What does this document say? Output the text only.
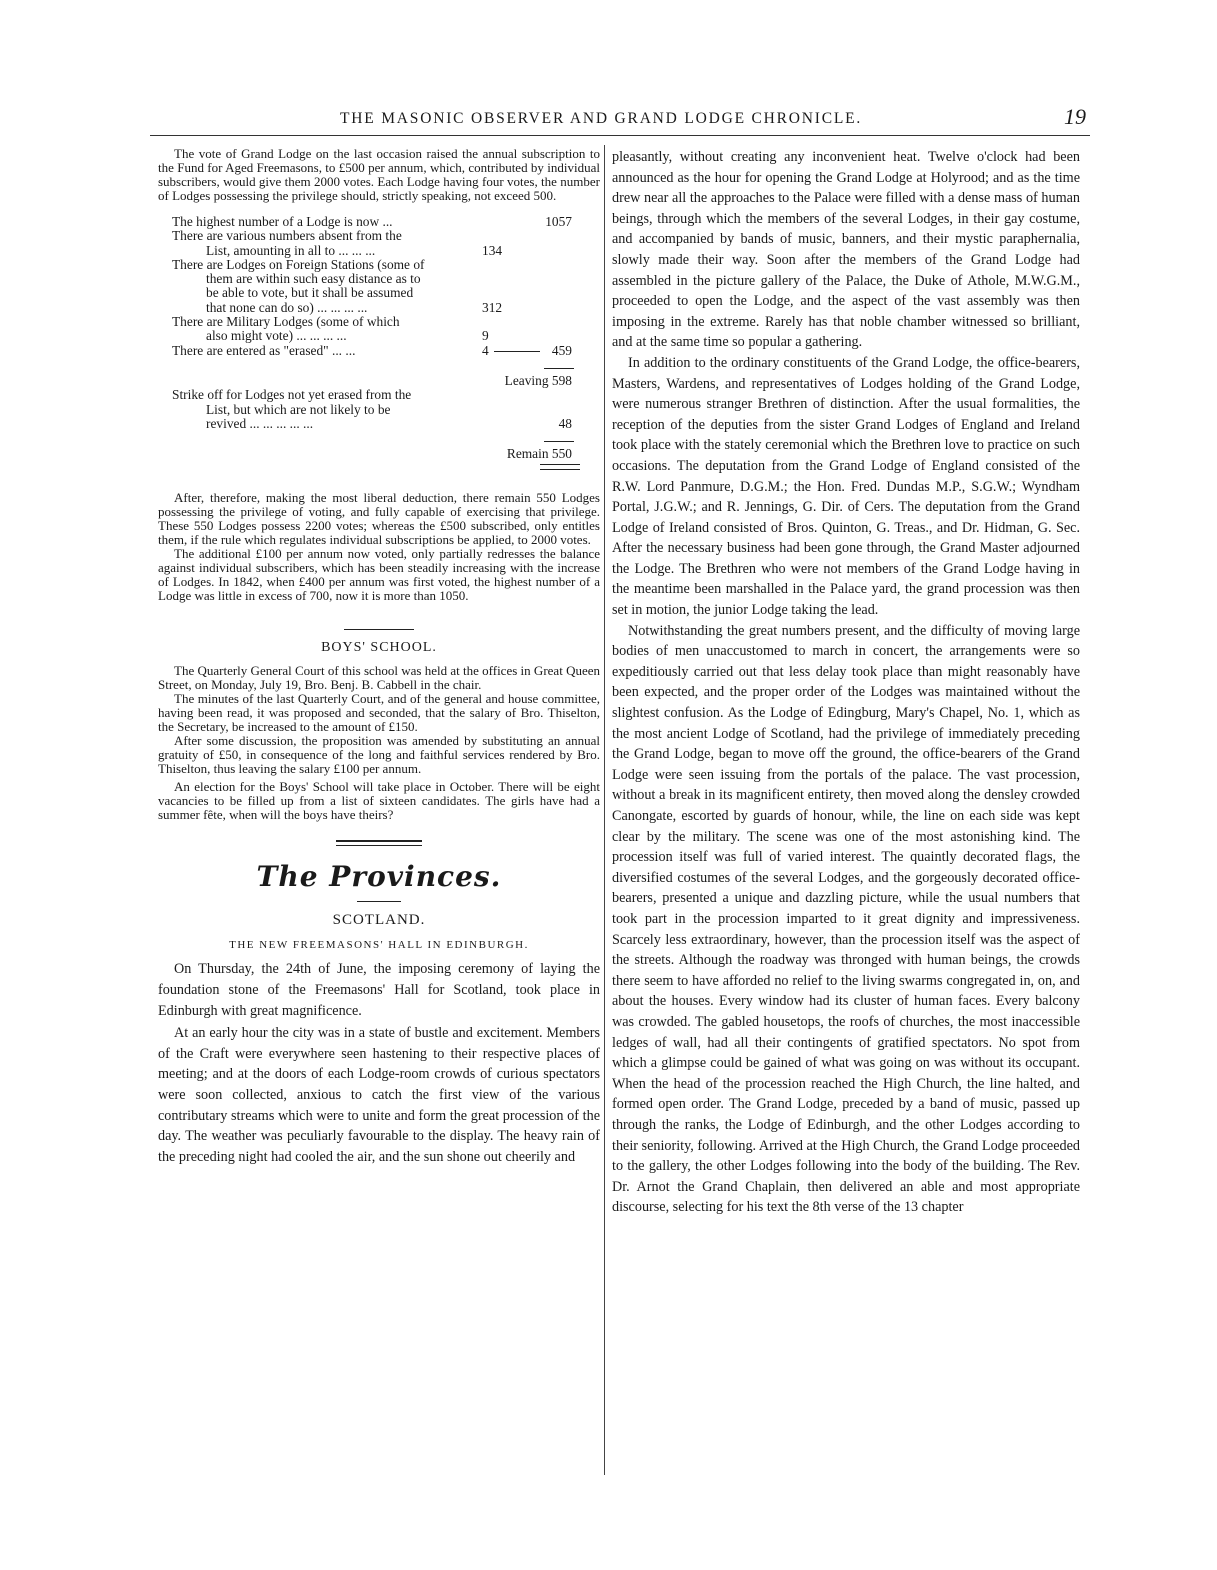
THE MASONIC OBSERVER AND GRAND LODGE CHRONICLE.	19

The vote of Grand Lodge on the last occasion raised the annual subscription to the Fund for Aged Freemasons, to £500 per annum, which, contributed by individual subscribers, would give them 2000 votes. Each Lodge having four votes, the number of Lodges possessing the privilege should, strictly speaking, not exceed 500.

The highest number of a Lodge is now ...	1057
There are various numbers absent from the
List, amounting in all to ... ... ...	134
There are Lodges on Foreign Stations (some of
them are within such easy distance as to
be able to vote, but it shall be assumed
that none can do so) ... ... ... ...	312
There are Military Lodges (some of which
also might vote) ... ... ... ...	9
There are entered as "erased" ... ...	4	459
Leaving 598
Strike off for Lodges not yet erased from the
List, but which are not likely to be
revived ... ... ... ... ...	48
Remain 550

After, therefore, making the most liberal deduction, there remain 550 Lodges possessing the privilege of voting, and fully capable of exercising that privilege. These 550 Lodges possess 2200 votes; whereas the £500 subscribed, only entitles them, if the rule which regulates individual subscriptions be applied, to 2000 votes.

The additional £100 per annum now voted, only partially redresses the balance against individual subscribers, which has been steadily increasing with the increase of Lodges. In 1842, when £400 per annum was first voted, the highest number of a Lodge was little in excess of 700, now it is more than 1050.

BOYS' SCHOOL.

The Quarterly General Court of this school was held at the offices in Great Queen Street, on Monday, July 19, Bro. Benj. B. Cabbell in the chair.

The minutes of the last Quarterly Court, and of the general and house committee, having been read, it was proposed and seconded, that the salary of Bro. Thiselton, the Secretary, be increased to the amount of £150.

After some discussion, the proposition was amended by substituting an annual gratuity of £50, in consequence of the long and faithful services rendered by Bro. Thiselton, thus leaving the salary £100 per annum.

An election for the Boys' School will take place in October. There will be eight vacancies to be filled up from a list of sixteen candidates. The girls have had a summer fête, when will the boys have theirs?

The Provinces.
SCOTLAND.
THE NEW FREEMASONS' HALL IN EDINBURGH.

On Thursday, the 24th of June, the imposing ceremony of laying the foundation stone of the Freemasons' Hall for Scotland, took place in Edinburgh with great magnificence.

At an early hour the city was in a state of bustle and excitement. Members of the Craft were everywhere seen hastening to their respective places of meeting; and at the doors of each Lodge-room crowds of curious spectators were soon collected, anxious to catch the first view of the various contributary streams which were to unite and form the great procession of the day. The weather was peculiarly favourable to the display. The heavy rain of the preceding night had cooled the air, and the sun shone out cheerily and

pleasantly, without creating any inconvenient heat. Twelve o'clock had been announced as the hour for opening the Grand Lodge at Holyrood; and as the time drew near all the approaches to the Palace were filled with a dense mass of human beings, through which the members of the several Lodges, in their gay costume, and accompanied by bands of music, banners, and their mystic paraphernalia, slowly made their way. Soon after the members of the Grand Lodge had assembled in the picture gallery of the Palace, the Duke of Athole, M.W.G.M., proceeded to open the Lodge, and the aspect of the vast assembly was then imposing in the extreme. Rarely has that noble chamber witnessed so brilliant, and at the same time so popular a gathering.

In addition to the ordinary constituents of the Grand Lodge, the office-bearers, Masters, Wardens, and representatives of Lodges holding of the Grand Lodge, were numerous stranger Brethren of distinction. After the usual formalities, the reception of the deputies from the sister Grand Lodges of England and Ireland took place with the stately ceremonial which the Brethren love to practice on such occasions. The deputation from the Grand Lodge of England consisted of the R.W. Lord Panmure, D.G.M.; the Hon. Fred. Dundas M.P., S.G.W.; Wyndham Portal, J.G.W.; and R. Jennings, G. Dir. of Cers. The deputation from the Grand Lodge of Ireland consisted of Bros. Quinton, G. Treas., and Dr. Hidman, G. Sec. After the necessary business had been gone through, the Grand Master adjourned the Lodge. The Brethren who were not members of the Grand Lodge having in the meantime been marshalled in the Palace yard, the grand procession was then set in motion, the junior Lodge taking the lead.

Notwithstanding the great numbers present, and the difficulty of moving large bodies of men unaccustomed to march in concert, the arrangements were so expeditiously carried out that less delay took place than might reasonably have been expected, and the proper order of the Lodges was maintained without the slightest confusion. As the Lodge of Edingburg, Mary's Chapel, No. 1, which as the most ancient Lodge of Scotland, had the privilege of immediately preceding the Grand Lodge, began to move off the ground, the office-bearers of the Grand Lodge were seen issuing from the portals of the palace. The vast procession, without a break in its magnificent entirety, then moved along the densley crowded Canongate, escorted by guards of honour, while, the line on each side was kept clear by the military. The scene was one of the most astonishing kind. The procession itself was full of varied interest. The quaintly decorated flags, the diversified costumes of the several Lodges, and the gorgeously decorated office-bearers, presented a unique and dazzling picture, while the usual numbers that took part in the procession imparted to it great dignity and impressiveness. Scarcely less extraordinary, however, than the procession itself was the aspect of the streets. Although the roadway was thronged with human beings, the crowds there seem to have afforded no relief to the living swarms congregated in, on, and about the houses. Every window had its cluster of human faces. Every balcony was crowded. The gabled housetops, the roofs of churches, the most inaccessible ledges of wall, had all their contingents of gratified spectators. No spot from which a glimpse could be gained of what was going on was without its occupant. When the head of the procession reached the High Church, the line halted, and formed open order. The Grand Lodge, preceded by a band of music, passed up through the ranks, the Lodge of Edinburgh, and the other Lodges according to their seniority, following. Arrived at the High Church, the Grand Lodge proceeded to the gallery, the other Lodges following into the body of the building. The Rev. Dr. Arnot the Grand Chaplain, then delivered an able and most appropriate discourse, selecting for his text the 8th verse of the 13 chapter
